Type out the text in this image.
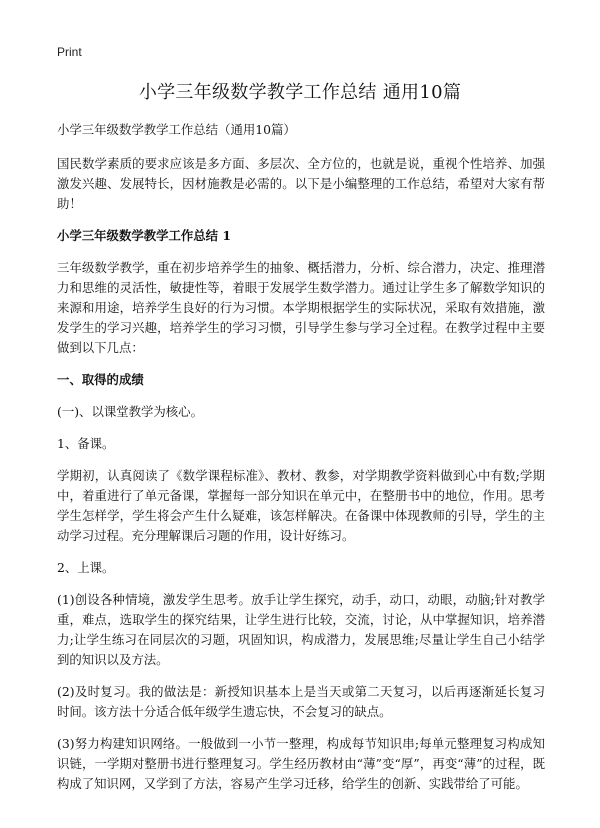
Print
小学三年级数学教学工作总结 通用10篇

小学三年级数学教学工作总结（通用10篇）

国民数学素质的要求应该是多方面、多层次、全方位的，也就是说，重视个性培养、加强激发兴趣、发展特长，因材施教是必需的。以下是小编整理的工作总结，希望对大家有帮助！

小学三年级数学教学工作总结 1

三年级数学教学，重在初步培养学生的抽象、概括潜力，分析、综合潜力，决定、推理潜力和思维的灵活性，敏捷性等，着眼于发展学生数学潜力。通过让学生多了解数学知识的来源和用途，培养学生良好的行为习惯。本学期根据学生的实际状况，采取有效措施，激发学生的学习兴趣，培养学生的学习习惯，引导学生参与学习全过程。在教学过程中主要做到以下几点：

一、取得的成绩

(一)、以课堂教学为核心。

1、备课。

学期初，认真阅读了《数学课程标准》、教材、教参，对学期教学资料做到心中有数;学期中，着重进行了单元备课，掌握每一部分知识在单元中，在整册书中的地位，作用。思考学生怎样学，学生将会产生什么疑难，该怎样解决。在备课中体现教师的引导，学生的主动学习过程。充分理解课后习题的作用，设计好练习。

2、上课。

(1)创设各种情境，激发学生思考。放手让学生探究，动手，动口，动眼，动脑;针对教学重，难点，选取学生的探究结果，让学生进行比较，交流，讨论，从中掌握知识，培养潜力;让学生练习在同层次的习题，巩固知识，构成潜力，发展思维;尽量让学生自己小结学到的知识以及方法。

(2)及时复习。我的做法是：新授知识基本上是当天或第二天复习，以后再逐渐延长复习时间。该方法十分适合低年级学生遗忘快，不会复习的缺点。

(3)努力构建知识网络。一般做到一小节一整理，构成每节知识串;每单元整理复习构成知识链，一学期对整册书进行整理复习。学生经历教材由“薄”变“厚”，再变“薄”的过程，既构成了知识网，又学到了方法，容易产生学习迁移，给学生的创新、实践带给了可能。
